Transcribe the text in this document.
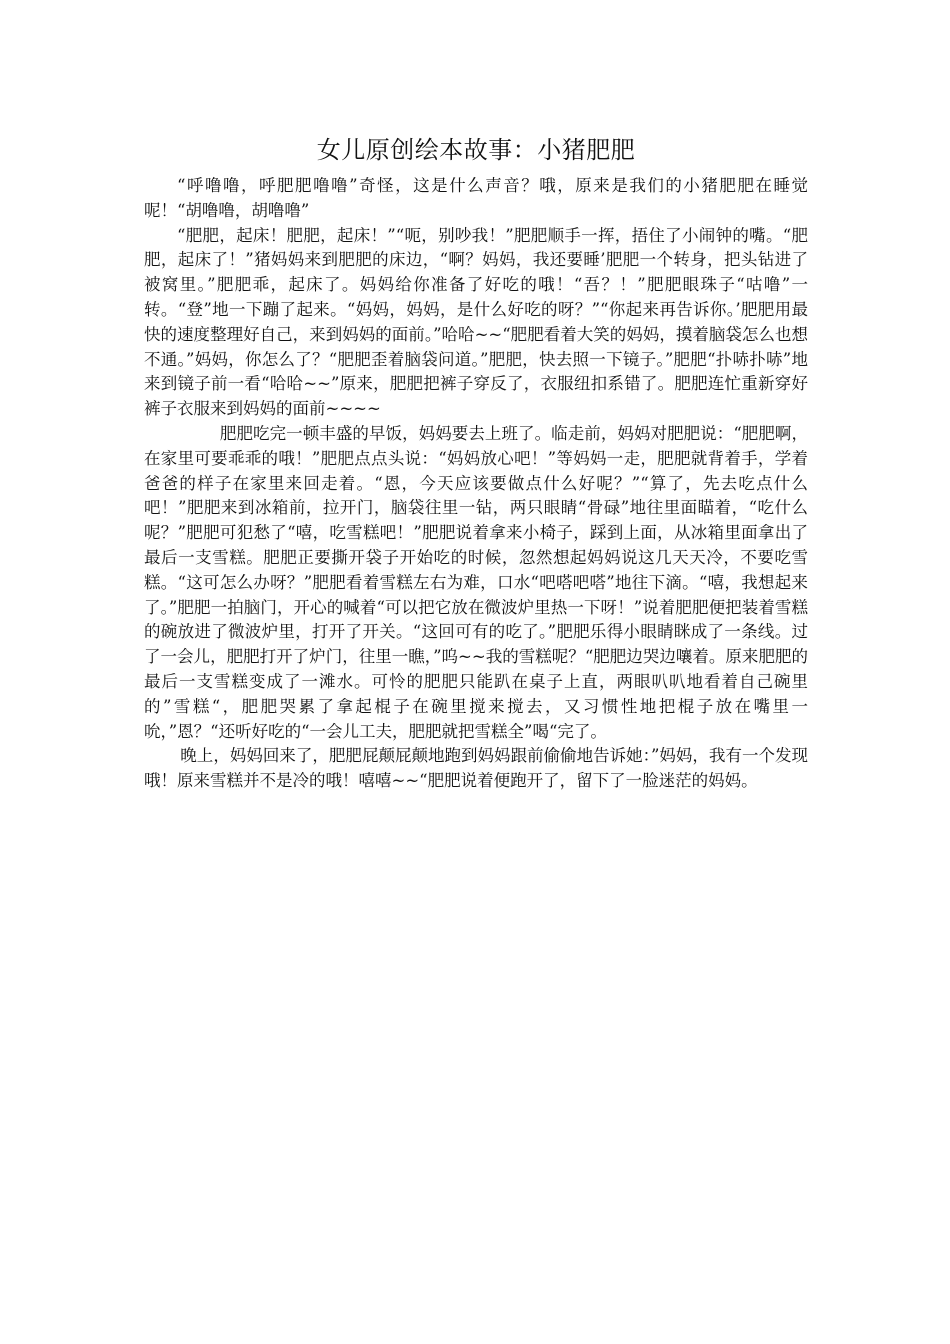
女儿原创绘本故事：小猪肥肥

“呼噜噜，呼肥肥噜噜”奇怪，这是什么声音？哦，原来是我们的小猪肥肥在睡觉呢！“胡噜噜，胡噜噜”

“肥肥，起床！肥肥，起床！”“呃，别吵我！”肥肥顺手一挥，捂住了小闹钟的嘴。“肥肥，起床了！”猪妈妈来到肥肥的床边，“啊？妈妈，我还要睡’肥肥一个转身，把头钻进了被窝里。”肥肥乖，起床了。妈妈给你准备了好吃的哦！“吾？！”肥肥眼珠子“咕噜”一转。“登”地一下蹦了起来。“妈妈，妈妈，是什么好吃的呀？”“你起来再告诉你。’肥肥用最快的速度整理好自己，来到妈妈的面前。”哈哈~~“肥肥看着大笑的妈妈，摸着脑袋怎么也想不通。”妈妈，你怎么了？“肥肥歪着脑袋问道。”肥肥，快去照一下镜子。”肥肥“扑哧扑哧”地来到镜子前一看“哈哈~~”原来，肥肥把裤子穿反了，衣服纽扣系错了。肥肥连忙重新穿好裤子衣服来到妈妈的面前~~~~

肥肥吃完一顿丰盛的早饭，妈妈要去上班了。临走前，妈妈对肥肥说：“肥肥啊，在家里可要乖乖的哦！”肥肥点点头说：“妈妈放心吧！”等妈妈一走，肥肥就背着手，学着爸爸的样子在家里来回走着。“恩，今天应该要做点什么好呢？”“算了，先去吃点什么吧！”肥肥来到冰箱前，拉开门，脑袋往里一钻，两只眼睛“骨碌”地往里面瞄着，“吃什么呢？”肥肥可犯愁了“嘻，吃雪糕吧！”肥肥说着拿来小椅子，踩到上面，从冰箱里面拿出了最后一支雪糕。肥肥正要撕开袋子开始吃的时候，忽然想起妈妈说这几天天冷，不要吃雪糕。“这可怎么办呀？”肥肥看着雪糕左右为难，口水“吧嗒吧嗒”地往下滴。“嘻，我想起来了。”肥肥一拍脑门，开心的喊着“可以把它放在微波炉里热一下呀！”说着肥肥便把装着雪糕的碗放进了微波炉里，打开了开关。“这回可有的吃了。”肥肥乐得小眼睛眯成了一条线。过了一会儿，肥肥打开了炉门，往里一瞧，”呜~~我的雪糕呢？“肥肥边哭边嚷着。原来肥肥的最后一支雪糕变成了一滩水。可怜的肥肥只能趴在桌子上直，两眼叭叭地看着自己碗里的”雪糕“，肥肥哭累了拿起棍子在碗里搅来搅去，又习惯性地把棍子放在嘴里一吮，”恩？“还听好吃的“一会儿工夫，肥肥就把雪糕全”喝“完了。

晚上，妈妈回来了，肥肥屁颠屁颠地跑到妈妈跟前偷偷地告诉她：”妈妈，我有一个发现哦！原来雪糕并不是冷的哦！嘻嘻~~“肥肥说着便跑开了，留下了一脸迷茫的妈妈。
